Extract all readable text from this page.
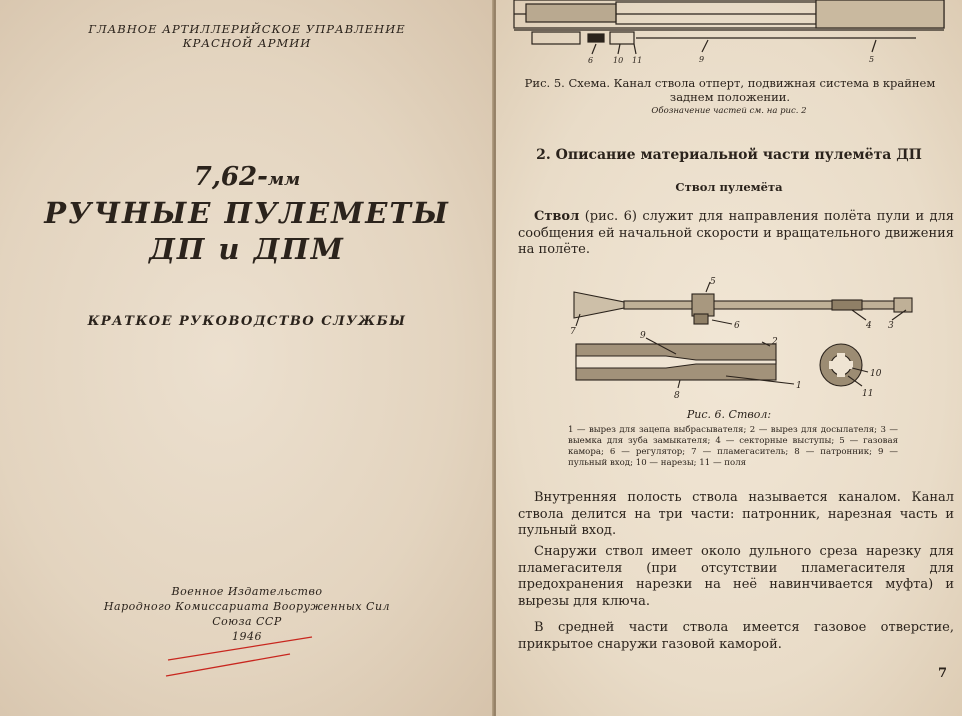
ГЛАВНОЕ АРТИЛЛЕРИЙСКОЕ УПРАВЛЕНИЕ
КРАСНОЙ АРМИИ
7,62-мм
РУЧНЫЕ ПУЛЕМЕТЫ
ДП и ДПМ
КРАТКОЕ РУКОВОДСТВО СЛУЖБЫ
Военное Издательство
Народного Комиссариата Вооруженных Сил
Союза ССР
1946
6 10 11	9	5
Рис. 5. Схема. Канал ствола отперт, подвижная система в крайнем заднем положении.
Обозначение частей см. на рис. 2
2. Описание материальной части пулемёта ДП
Ствол пулемёта
Ствол (рис. 6) служит для направления полёта пули и для сообщения ей начальной скорости и вращательного движения на полёте.
5
7
6	4 3
9
2
8
1
10
11
Рис. 6. Ствол:
1 — вырез для зацепа выбрасывателя; 2 — вырез для досылателя; 3 — выемка для зуба замыкателя; 4 — секторные выступы; 5 — газовая камора; 6 — регулятор; 7 — пламегаситель; 8 — патронник; 9 — пульный вход; 10 — нарезы; 11 — поля
Внутренняя полость ствола называется каналом. Канал ствола делится на три части: патронник, нарезная часть и пульный вход.
Снаружи ствол имеет около дульного среза нарезку для пламегасителя (при отсутствии пламегасителя для предохранения нарезки на неё навинчивается муфта) и вырезы для ключа.
В средней части ствола имеется газовое отверстие, прикрытое снаружи газовой каморой.
7
